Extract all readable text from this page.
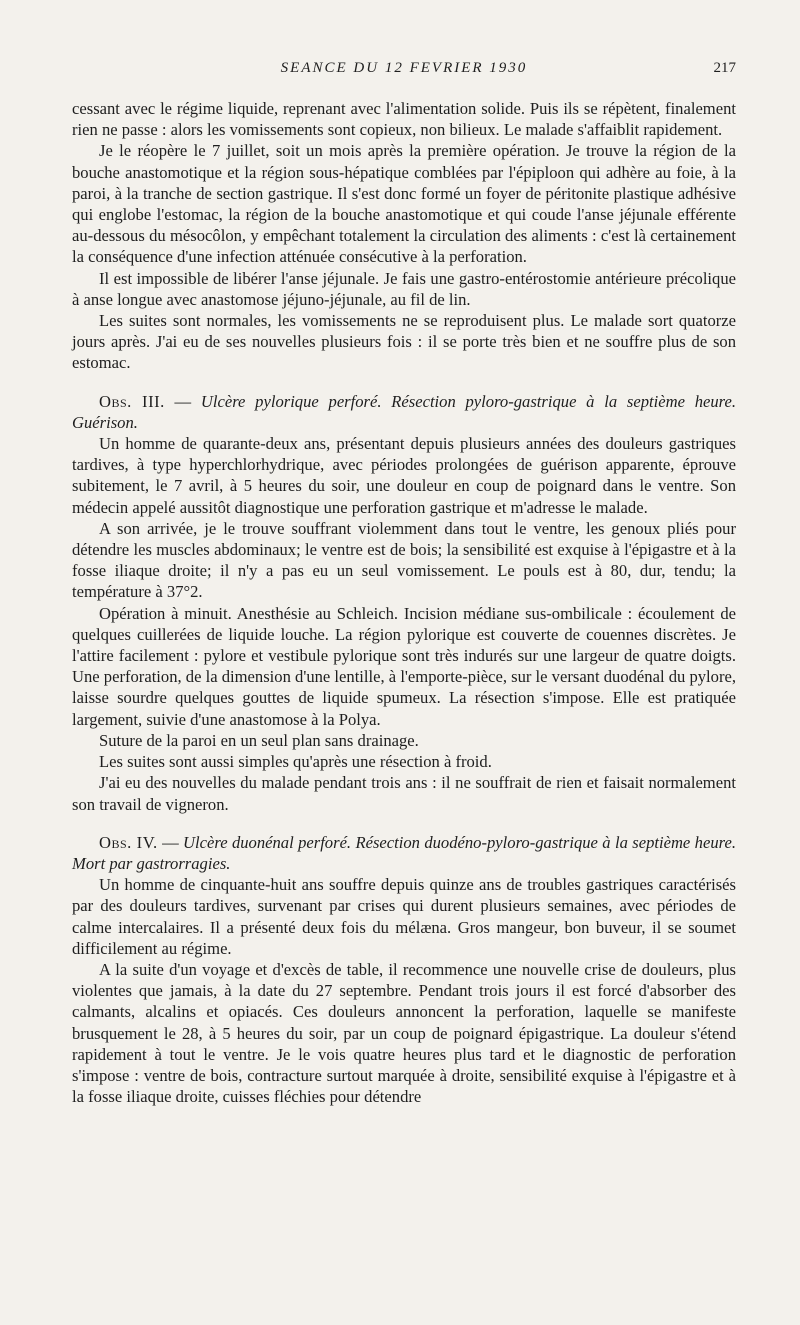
SEANCE DU 12 FEVRIER 1930	217

cessant avec le régime liquide, reprenant avec l'alimentation solide. Puis ils se répètent, finalement rien ne passe : alors les vomissements sont copieux, non bilieux. Le malade s'affaiblit rapidement.

Je le réopère le 7 juillet, soit un mois après la première opération. Je trouve la région de la bouche anastomotique et la région sous-hépatique comblées par l'épiploon qui adhère au foie, à la paroi, à la tranche de section gastrique. Il s'est donc formé un foyer de péritonite plastique adhésive qui englobe l'estomac, la région de la bouche anastomotique et qui coude l'anse jéjunale efférente au-dessous du mésocôlon, y empêchant totalement la circulation des aliments : c'est là certainement la conséquence d'une infection atténuée consécutive à la perforation.

Il est impossible de libérer l'anse jéjunale. Je fais une gastro-entérostomie antérieure précolique à anse longue avec anastomose jéjuno-jéjunale, au fil de lin.

Les suites sont normales, les vomissements ne se reproduisent plus. Le malade sort quatorze jours après. J'ai eu de ses nouvelles plusieurs fois : il se porte très bien et ne souffre plus de son estomac.

Obs. III. — Ulcère pylorique perforé. Résection pyloro-gastrique à la septième heure. Guérison.

Un homme de quarante-deux ans, présentant depuis plusieurs années des douleurs gastriques tardives, à type hyperchlorhydrique, avec périodes prolongées de guérison apparente, éprouve subitement, le 7 avril, à 5 heures du soir, une douleur en coup de poignard dans le ventre. Son médecin appelé aussitôt diagnostique une perforation gastrique et m'adresse le malade.

A son arrivée, je le trouve souffrant violemment dans tout le ventre, les genoux pliés pour détendre les muscles abdominaux; le ventre est de bois; la sensibilité est exquise à l'épigastre et à la fosse iliaque droite; il n'y a pas eu un seul vomissement. Le pouls est à 80, dur, tendu; la température à 37°2.

Opération à minuit. Anesthésie au Schleich. Incision médiane sus-ombilicale : écoulement de quelques cuillerées de liquide louche. La région pylorique est couverte de couennes discrètes. Je l'attire facilement : pylore et vestibule pylorique sont très indurés sur une largeur de quatre doigts. Une perforation, de la dimension d'une lentille, à l'emporte-pièce, sur le versant duodénal du pylore, laisse sourdre quelques gouttes de liquide spumeux. La résection s'impose. Elle est pratiquée largement, suivie d'une anastomose à la Polya.

Suture de la paroi en un seul plan sans drainage.

Les suites sont aussi simples qu'après une résection à froid.

J'ai eu des nouvelles du malade pendant trois ans : il ne souffrait de rien et faisait normalement son travail de vigneron.

Obs. IV. — Ulcère duonénal perforé. Résection duodéno-pyloro-gastrique à la septième heure. Mort par gastrorragies.

Un homme de cinquante-huit ans souffre depuis quinze ans de troubles gastriques caractérisés par des douleurs tardives, survenant par crises qui durent plusieurs semaines, avec périodes de calme intercalaires. Il a présenté deux fois du mélæna. Gros mangeur, bon buveur, il se soumet difficilement au régime.

A la suite d'un voyage et d'excès de table, il recommence une nouvelle crise de douleurs, plus violentes que jamais, à la date du 27 septembre. Pendant trois jours il est forcé d'absorber des calmants, alcalins et opiacés. Ces douleurs annoncent la perforation, laquelle se manifeste brusquement le 28, à 5 heures du soir, par un coup de poignard épigastrique. La douleur s'étend rapidement à tout le ventre. Je le vois quatre heures plus tard et le diagnostic de perforation s'impose : ventre de bois, contracture surtout marquée à droite, sensibilité exquise à l'épigastre et à la fosse iliaque droite, cuisses fléchies pour détendre
